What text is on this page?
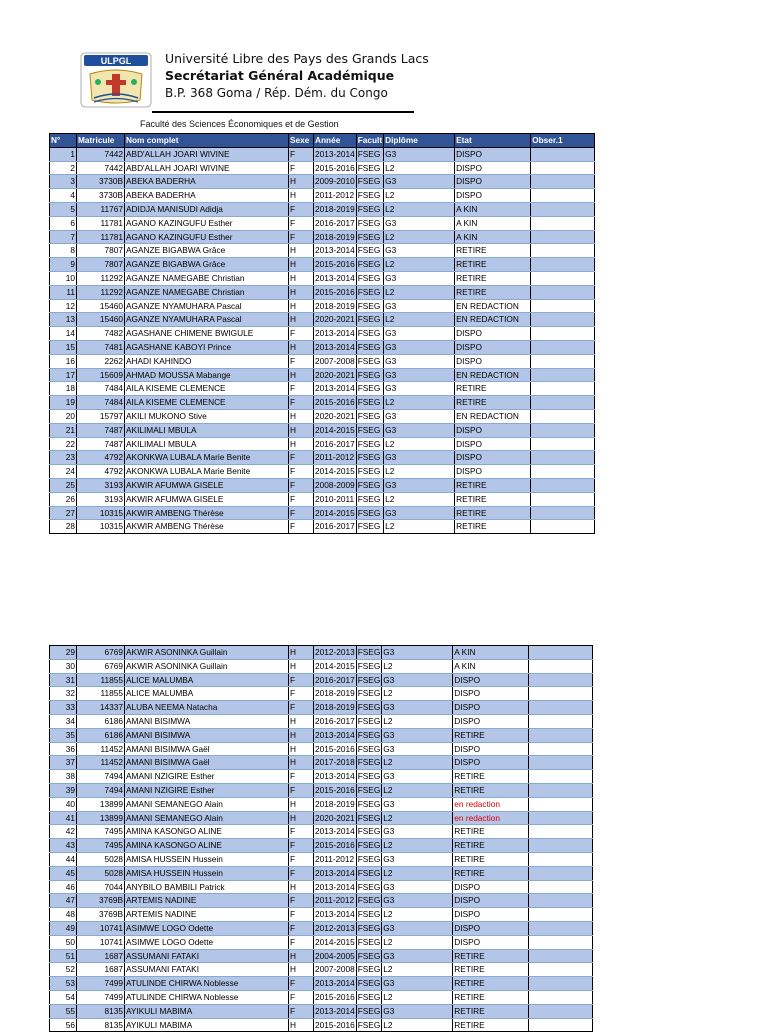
ULPGL	Université Libre des Pays des Grands Lacs
Secrétariat Général Académique
B.P. 368 Goma / Rép. Dém. du Congo
Faculté des Sciences Économiques et de Gestion
N°	Matricule	Nom complet	Sexe	Année	Facult	Diplôme	Etat	Obser.1
1	7442	ABD'ALLAH JOARI WIVINE	F	2013-2014	FSEG	G3	DISPO	
2	7442	ABD'ALLAH JOARI WIVINE	F	2015-2016	FSEG	L2	DISPO	
3	3730B	ABEKA BADERHA	H	2009-2010	FSEG	G3	DISPO	
4	3730B	ABEKA BADERHA	H	2011-2012	FSEG	L2	DISPO	
5	11767	ADIDJA MANISUDI Adidja	F	2018-2019	FSEG	L2	A KIN	
6	11781	AGANO KAZINGUFU Esther	F	2016-2017	FSEG	G3	A KIN	
7	11781	AGANO KAZINGUFU Esther	F	2018-2019	FSEG	L2	A KIN	
8	7807	AGANZE BIGABWA Grâce	H	2013-2014	FSEG	G3	RETIRE	
9	7807	AGANZE BIGABWA Grâce	H	2015-2016	FSEG	L2	RETIRE	
10	11292	AGANZE NAMEGABE Christian	H	2013-2014	FSEG	G3	RETIRE	
11	11292	AGANZE NAMEGABE Christian	H	2015-2016	FSEG	L2	RETIRE	
12	15460	AGANZE NYAMUHARA Pascal	H	2018-2019	FSEG	G3	EN REDACTION	
13	15460	AGANZE NYAMUHARA Pascal	H	2020-2021	FSEG	L2	EN REDACTION	
14	7482	AGASHANE CHIMENE BWIGULE	F	2013-2014	FSEG	G3	DISPO	
15	7481	AGASHANE KABOYI Prince	H	2013-2014	FSEG	G3	DISPO	
16	2262	AHADI KAHINDO	F	2007-2008	FSEG	G3	DISPO	
17	15609	AHMAD MOUSSA Mabange	H	2020-2021	FSEG	G3	EN REDACTION	
18	7484	AILA KISEME CLEMENCE	F	2013-2014	FSEG	G3	RETIRE	
19	7484	AILA KISEME CLEMENCE	F	2015-2016	FSEG	L2	RETIRE	
20	15797	AKILI MUKONO Stive	H	2020-2021	FSEG	G3	EN REDACTION	
21	7487	AKILIMALI MBULA	H	2014-2015	FSEG	G3	DISPO	
22	7487	AKILIMALI MBULA	H	2016-2017	FSEG	L2	DISPO	
23	4792	AKONKWA LUBALA Marie Benite	F	2011-2012	FSEG	G3	DISPO	
24	4792	AKONKWA LUBALA Marie Benite	F	2014-2015	FSEG	L2	DISPO	
25	3193	AKWIR AFUMWA GISELE	F	2008-2009	FSEG	G3	RETIRE	
26	3193	AKWIR AFUMWA GISELE	F	2010-2011	FSEG	L2	RETIRE	
27	10315	AKWIR AMBENG Thérèse	F	2014-2015	FSEG	G3	RETIRE	
28	10315	AKWIR AMBENG Thérèse	F	2016-2017	FSEG	L2	RETIRE	
29	6769	AKWIR ASONINKA Guillain	H	2012-2013	FSEG	G3	A KIN	
30	6769	AKWIR ASONINKA Guillain	H	2014-2015	FSEG	L2	A KIN	
31	11855	ALICE MALUMBA	F	2016-2017	FSEG	G3	DISPO	
32	11855	ALICE MALUMBA	F	2018-2019	FSEG	L2	DISPO	
33	14337	ALUBA NEEMA Natacha	F	2018-2019	FSEG	G3	DISPO	
34	6186	AMANI BISIMWA	H	2016-2017	FSEG	L2	DISPO	
35	6186	AMANI BISIMWA	H	2013-2014	FSEG	G3	RETIRE	
36	11452	AMANI BISIMWA Gaël	H	2015-2016	FSEG	G3	DISPO	
37	11452	AMANI BISIMWA Gaël	H	2017-2018	FSEG	L2	DISPO	
38	7494	AMANI NZIGIRE Esther	F	2013-2014	FSEG	G3	RETIRE	
39	7494	AMANI NZIGIRE Esther	F	2015-2016	FSEG	L2	RETIRE	
40	13899	AMANI SEMANEGO Alain	H	2018-2019	FSEG	G3	en redaction	
41	13899	AMANI SEMANEGO Alain	H	2020-2021	FSEG	L2	en redaction	
42	7495	AMINA KASONGO ALINE	F	2013-2014	FSEG	G3	RETIRE	
43	7495	AMINA KASONGO ALINE	F	2015-2016	FSEG	L2	RETIRE	
44	5028	AMISA HUSSEIN Hussein	F	2011-2012	FSEG	G3	RETIRE	
45	5028	AMISA HUSSEIN Hussein	F	2013-2014	FSEG	L2	RETIRE	
46	7044	ANYBILO BAMBILI Patrick	H	2013-2014	FSEG	G3	DISPO	
47	3769B	ARTEMIS NADINE	F	2011-2012	FSEG	G3	DISPO	
48	3769B	ARTEMIS NADINE	F	2013-2014	FSEG	L2	DISPO	
49	10741	ASIMWE LOGO Odette	F	2012-2013	FSEG	G3	DISPO	
50	10741	ASIMWE LOGO Odette	F	2014-2015	FSEG	L2	DISPO	
51	1687	ASSUMANI FATAKI	H	2004-2005	FSEG	G3	RETIRE	
52	1687	ASSUMANI FATAKI	H	2007-2008	FSEG	L2	RETIRE	
53	7499	ATULINDE CHIRWA Noblesse	F	2013-2014	FSEG	G3	RETIRE	
54	7499	ATULINDE CHIRWA Noblesse	F	2015-2016	FSEG	L2	RETIRE	
55	8135	AYIKULI MABIMA	F	2013-2014	FSEG	G3	RETIRE	
56	8135	AYIKULI MABIMA	H	2015-2016	FSEG	L2	RETIRE	
